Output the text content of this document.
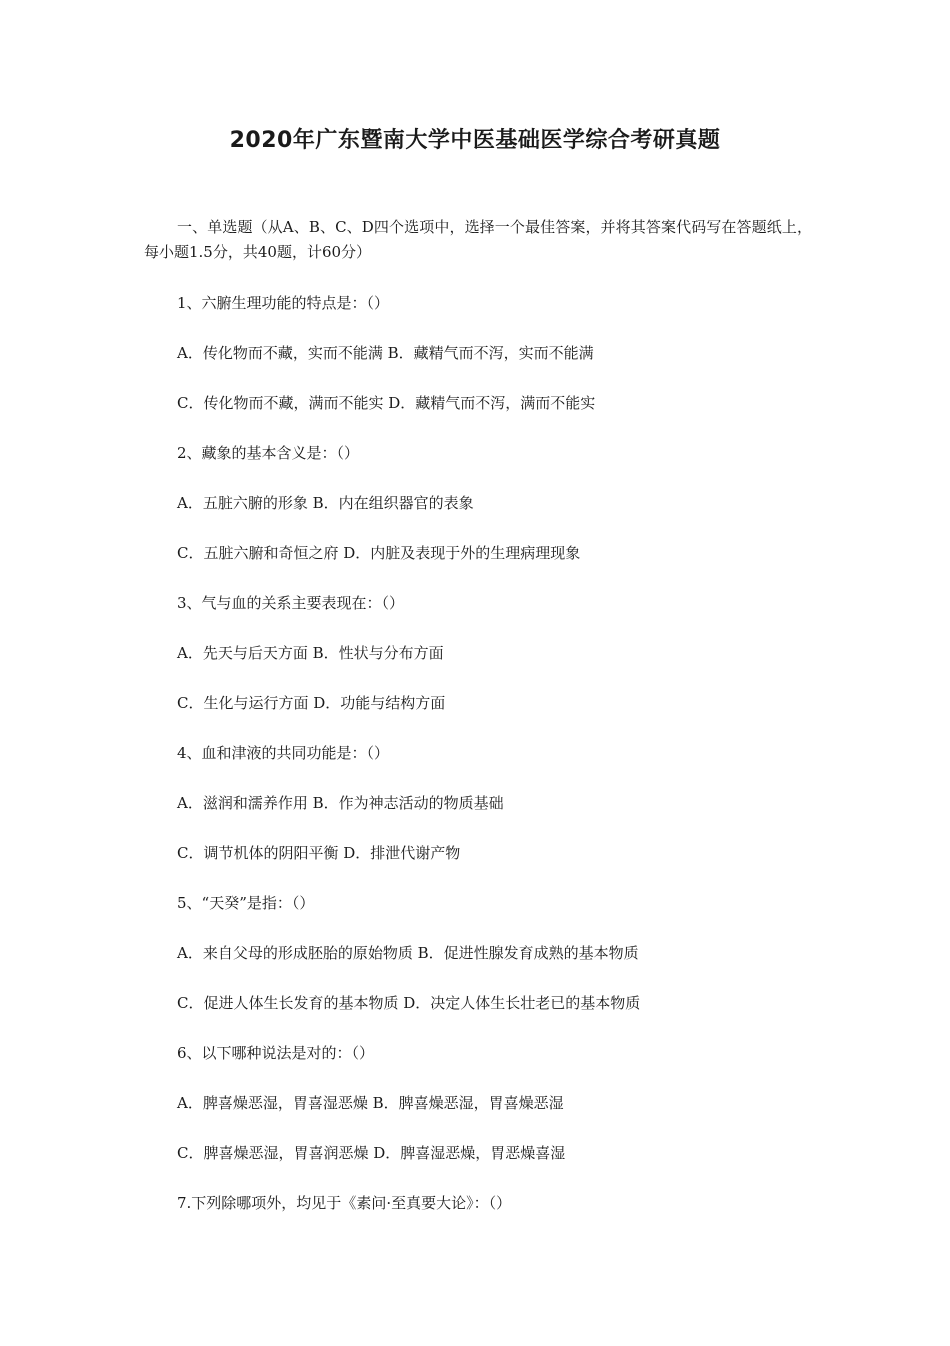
2020年广东暨南大学中医基础医学综合考研真题
一、单选题（从A、B、C、D四个选项中，选择一个最佳答案，并将其答案代码写在答题纸上，每小题1.5分，共40题，计60分）
1、六腑生理功能的特点是：（）
A．传化物而不藏，实而不能满 B．藏精气而不泻，实而不能满
C．传化物而不藏，满而不能实 D．藏精气而不泻，满而不能实
2、藏象的基本含义是：（）
A．五脏六腑的形象 B．内在组织器官的表象
C．五脏六腑和奇恒之府 D．内脏及表现于外的生理病理现象
3、气与血的关系主要表现在：（）
A．先天与后天方面 B．性状与分布方面
C．生化与运行方面 D．功能与结构方面
4、血和津液的共同功能是：（）
A．滋润和濡养作用 B．作为神志活动的物质基础
C．调节机体的阴阳平衡 D．排泄代谢产物
5、“天癸”是指：（）
A．来自父母的形成胚胎的原始物质 B．促进性腺发育成熟的基本物质
C．促进人体生长发育的基本物质 D．决定人体生长壮老已的基本物质
6、以下哪种说法是对的：（）
A．脾喜燥恶湿，胃喜湿恶燥 B．脾喜燥恶湿，胃喜燥恶湿
C．脾喜燥恶湿，胃喜润恶燥 D．脾喜湿恶燥，胃恶燥喜湿
7.下列除哪项外，均见于《素问·至真要大论》：（）
